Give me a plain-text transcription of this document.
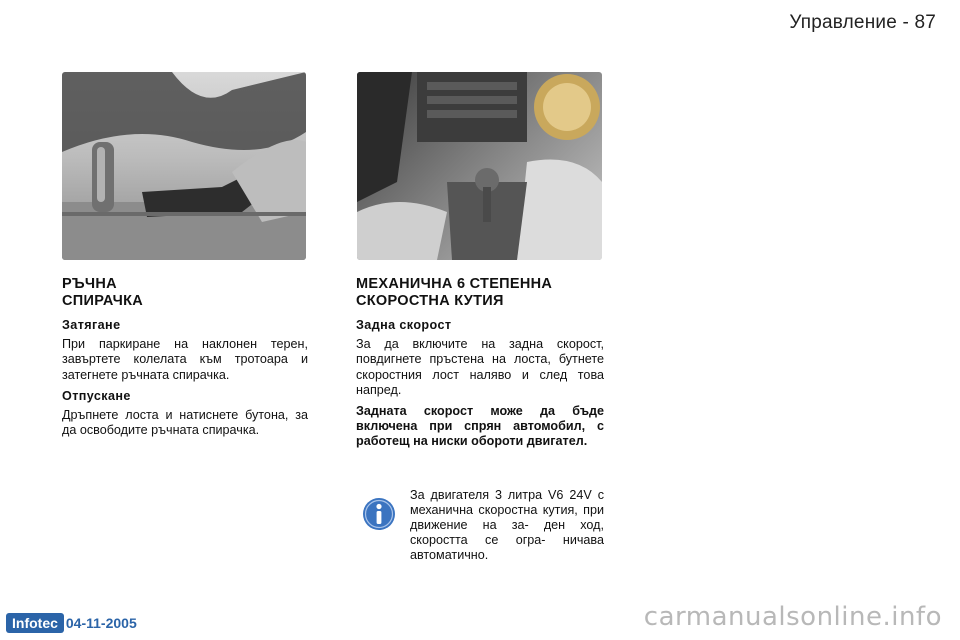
Управление - 87
РЪЧНА
СПИРАЧКА

Затягане

При паркиране на наклонен терен, завъртете колелата към тротоара и затегнете ръчната спирачка.

Отпускане

Дръпнете лоста и натиснете бутона, за да освободите ръчната спирачка.

МЕХАНИЧНА 6 СТЕПЕННА
СКОРОСТНА КУТИЯ

Задна скорост

За да включите на задна скорост, повдигнете пръстена на лоста, бутнете скоростния лост наляво и след това напред.

Задната скорост може да бъде включена при спрян автомобил, с работещ на ниски обороти двигател.

За двигателя 3 литра V6 24V с механична скоростна кутия, при движение на за- ден ход, скоростта се огра- ничава автоматично.
Infotec 04-11-2005	carmanualsonline.info
